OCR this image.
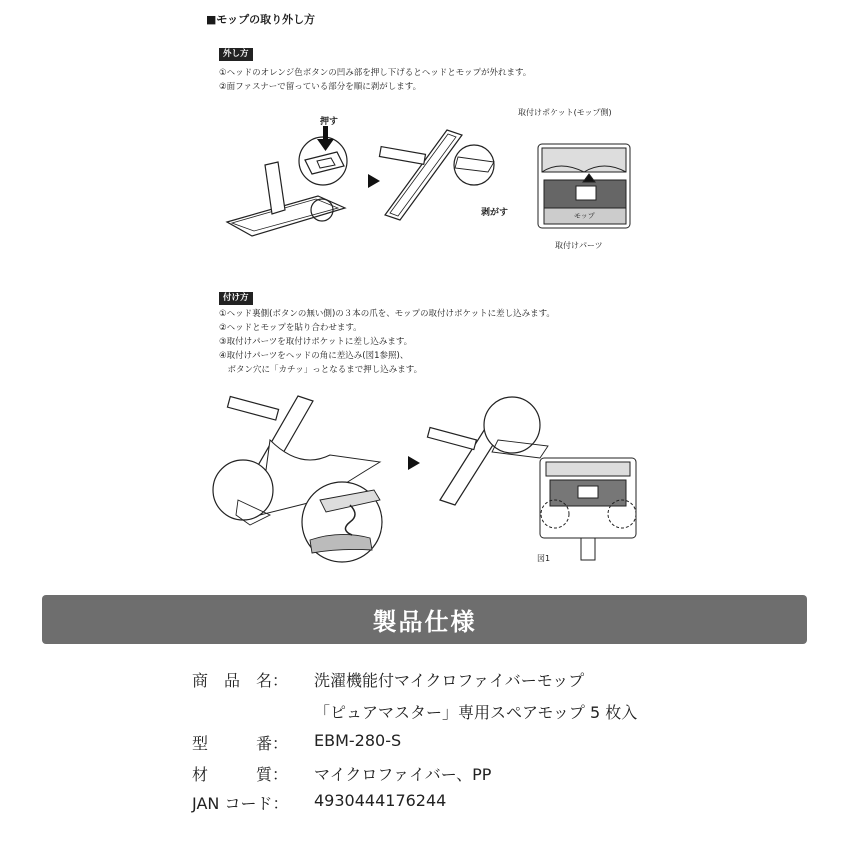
■モップの取り外し方
外し方
①ヘッドのオレンジ色ボタンの凹み部を押し下げるとヘッドとモップが外れます。
②面ファスナーで留っている部分を順に剥がします。
押す
剥がす
取付けポケット(モップ側)
モップ
取付けパーツ
付け方
①ヘッド裏側(ボタンの無い側)の３本の爪を、モップの取付けポケットに差し込みます。
②ヘッドとモップを貼り合わせます。
③取付けパーツを取付けポケットに差し込みます。
④取付けパーツをヘッドの角に差込み(図1参照)、
　ボタン穴に「カチッ」っとなるまで押し込みます。
図1
製品仕様
商　品　名： 洗濯機能付マイクロファイバーモップ
「ピュアマスター」専用スペアモップ 5 枚入
型　　　番： EBM-280-S
材　　　質： マイクロファイバー、PP
JAN コード： 4930444176244
